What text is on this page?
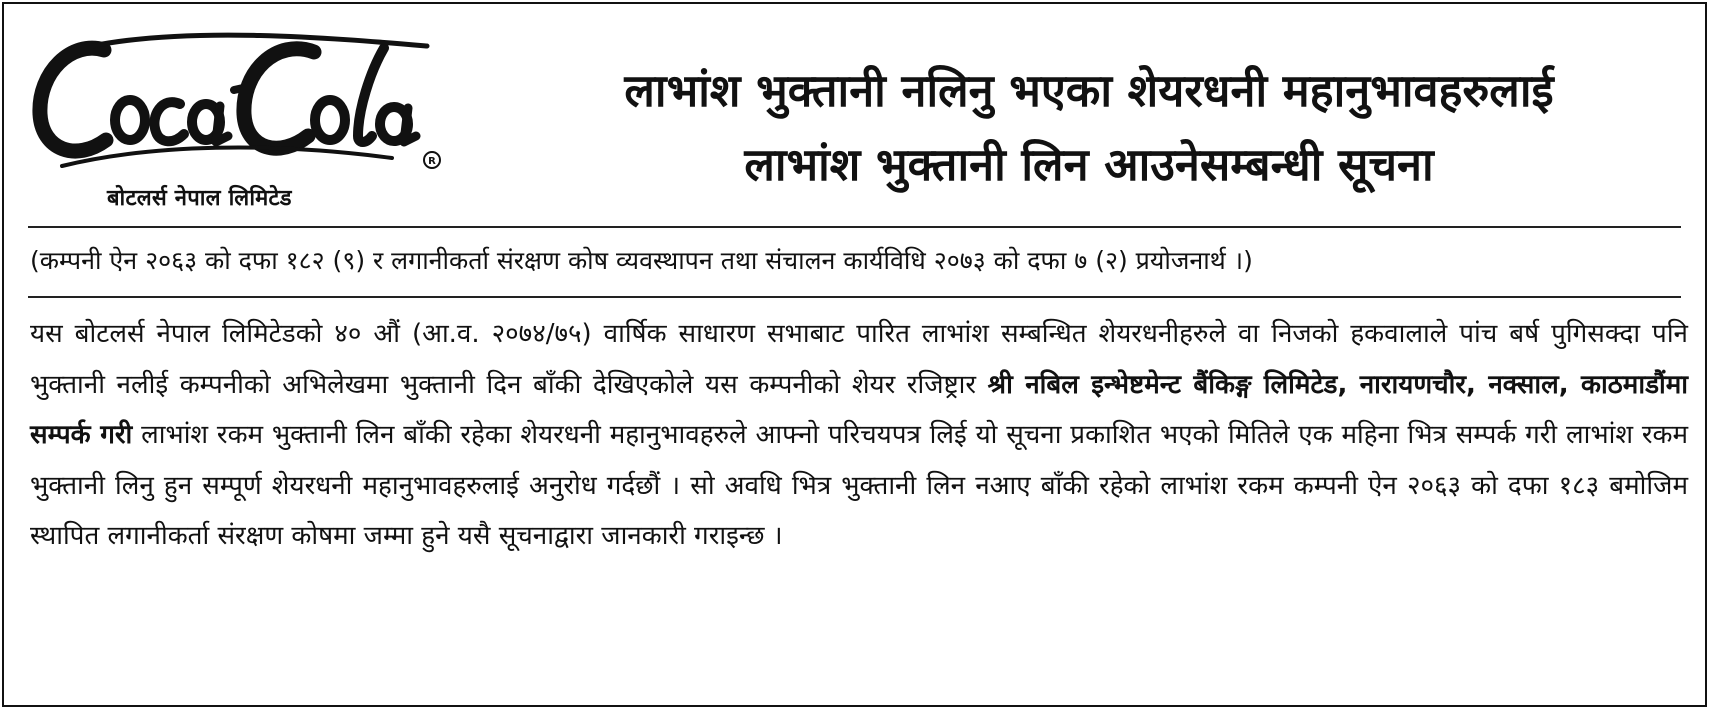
R
बोटलर्स नेपाल लिमिटेड
लाभांश भुक्तानी नलिनु भएका शेयरधनी महानुभावहरुलाई
लाभांश भुक्तानी लिन आउनेसम्बन्धी सूचना
(कम्पनी ऐन २०६३ को दफा १८२ (९) र लगानीकर्ता संरक्षण कोष व्यवस्थापन तथा संचालन कार्यविधि २०७३ को दफा ७ (२) प्रयोजनार्थ ।)
यस बोटलर्स नेपाल लिमिटेडको ४० औं (आ.व. २०७४/७५) वार्षिक साधारण सभाबाट पारित लाभांश सम्बन्धित शेयरधनीहरुले वा निजको हकवालाले पांच बर्ष पुगिसक्दा पनि भुक्तानी नलीई कम्पनीको अभिलेखमा भुक्तानी दिन बाँकी देखिएकोले यस कम्पनीको शेयर रजिष्ट्रार श्री नबिल इन्भेष्टमेन्ट बैंकिङ्ग लिमिटेड, नारायणचौर, नक्साल, काठमाडौंमा सम्पर्क गरी लाभांश रकम भुक्तानी लिन बाँकी रहेका शेयरधनी महानुभावहरुले आफ्नो परिचयपत्र लिई यो सूचना प्रकाशित भएको मितिले एक महिना भित्र सम्पर्क गरी लाभांश रकम भुक्तानी लिनु हुन सम्पूर्ण शेयरधनी महानुभावहरुलाई अनुरोध गर्दछौं । सो अवधि भित्र भुक्तानी लिन नआए बाँकी रहेको लाभांश रकम कम्पनी ऐन २०६३ को दफा १८३ बमोजिम स्थापित लगानीकर्ता संरक्षण कोषमा जम्मा हुने यसै सूचनाद्वारा जानकारी गराइन्छ ।
